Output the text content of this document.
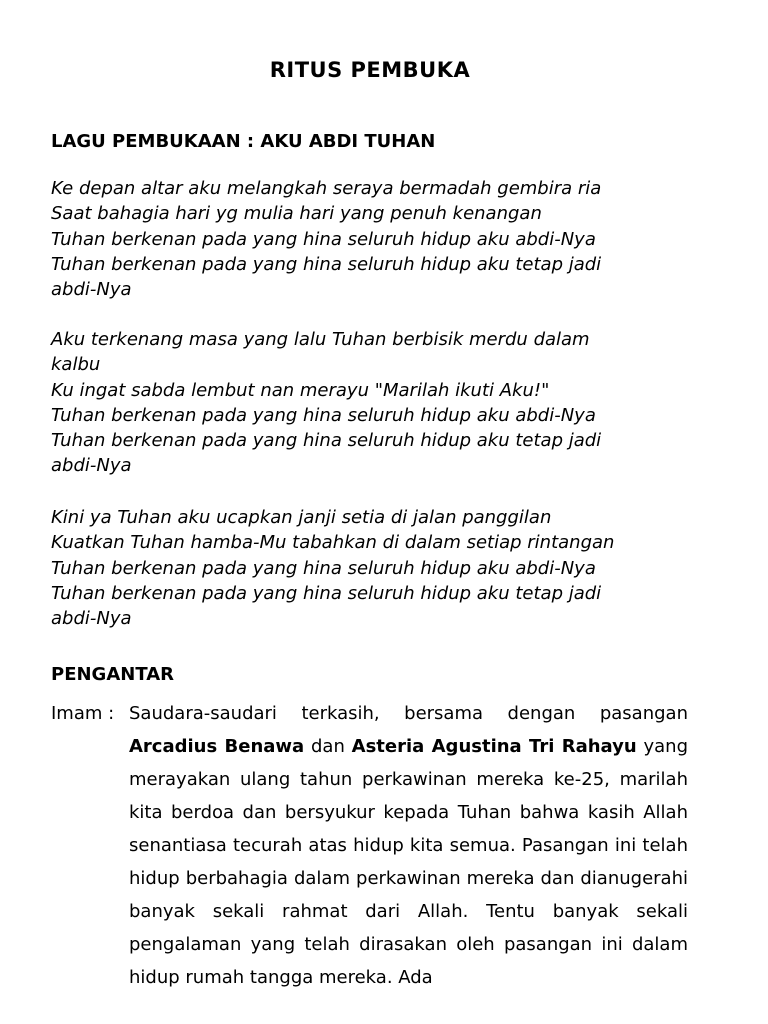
RITUS PEMBUKA
LAGU PEMBUKAAN : AKU ABDI TUHAN
Ke depan altar aku melangkah seraya bermadah gembira ria
Saat bahagia hari yg mulia hari yang penuh kenangan
Tuhan berkenan pada yang hina seluruh hidup aku abdi-Nya
Tuhan berkenan pada yang hina seluruh hidup aku tetap jadi
abdi-Nya
Aku terkenang masa yang lalu Tuhan berbisik merdu dalam
kalbu
Ku ingat sabda lembut nan merayu "Marilah ikuti Aku!"
Tuhan berkenan pada yang hina seluruh hidup aku abdi-Nya
Tuhan berkenan pada yang hina seluruh hidup aku tetap jadi
abdi-Nya
Kini ya Tuhan aku ucapkan janji setia di jalan panggilan
Kuatkan Tuhan hamba-Mu tabahkan di dalam setiap rintangan
Tuhan berkenan pada yang hina seluruh hidup aku abdi-Nya
Tuhan berkenan pada yang hina seluruh hidup aku tetap jadi
abdi-Nya
PENGANTAR
Imam : Saudara-saudari terkasih, bersama dengan pasangan Arcadius Benawa dan Asteria Agustina Tri Rahayu yang merayakan ulang tahun perkawinan mereka ke-25, marilah kita berdoa dan bersyukur kepada Tuhan bahwa kasih Allah senantiasa tecurah atas hidup kita semua. Pasangan ini telah hidup berbahagia dalam perkawinan mereka dan dianugerahi banyak sekali rahmat dari Allah. Tentu banyak sekali pengalaman yang telah dirasakan oleh pasangan ini dalam hidup rumah tangga mereka. Ada
